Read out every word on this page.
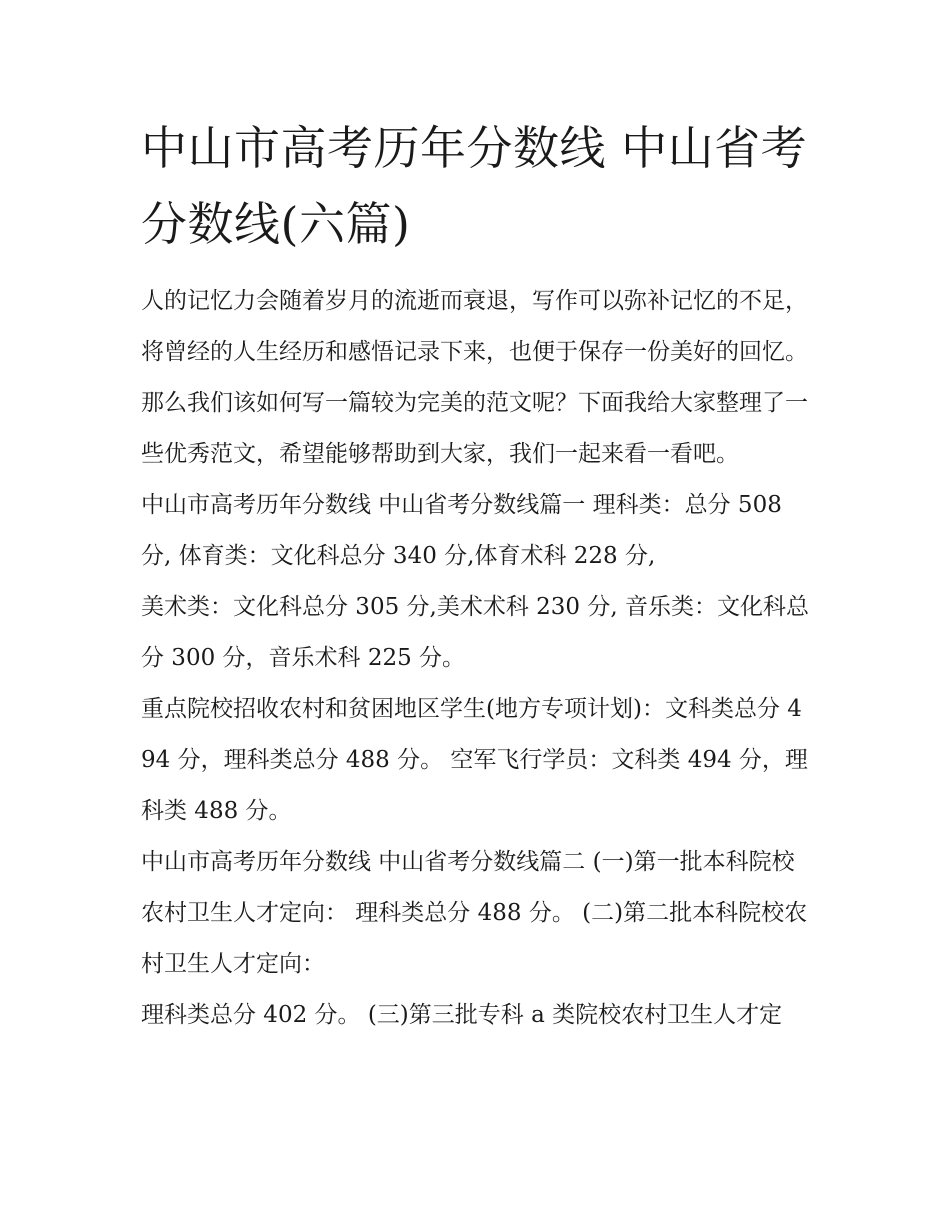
中山市高考历年分数线 中山省考分数线(六篇)

人的记忆力会随着岁月的流逝而衰退，写作可以弥补记忆的不足，将曾经的人生经历和感悟记录下来，也便于保存一份美好的回忆。那么我们该如何写一篇较为完美的范文呢？下面我给大家整理了一些优秀范文，希望能够帮助到大家，我们一起来看一看吧。

中山市高考历年分数线 中山省考分数线篇一 理科类：总分 508 分, 体育类：文化科总分 340 分,体育术科 228 分,

美术类：文化科总分 305 分,美术术科 230 分, 音乐类：文化科总分 300 分，音乐术科 225 分。

重点院校招收农村和贫困地区学生(地方专项计划)：文科类总分 494 分，理科类总分 488 分。 空军飞行学员：文科类 494 分，理科类 488 分。

中山市高考历年分数线 中山省考分数线篇二 (一)第一批本科院校农村卫生人才定向： 理科类总分 488 分。 (二)第二批本科院校农村卫生人才定向：

理科类总分 402 分。 (三)第三批专科 a 类院校农村卫生人才定
